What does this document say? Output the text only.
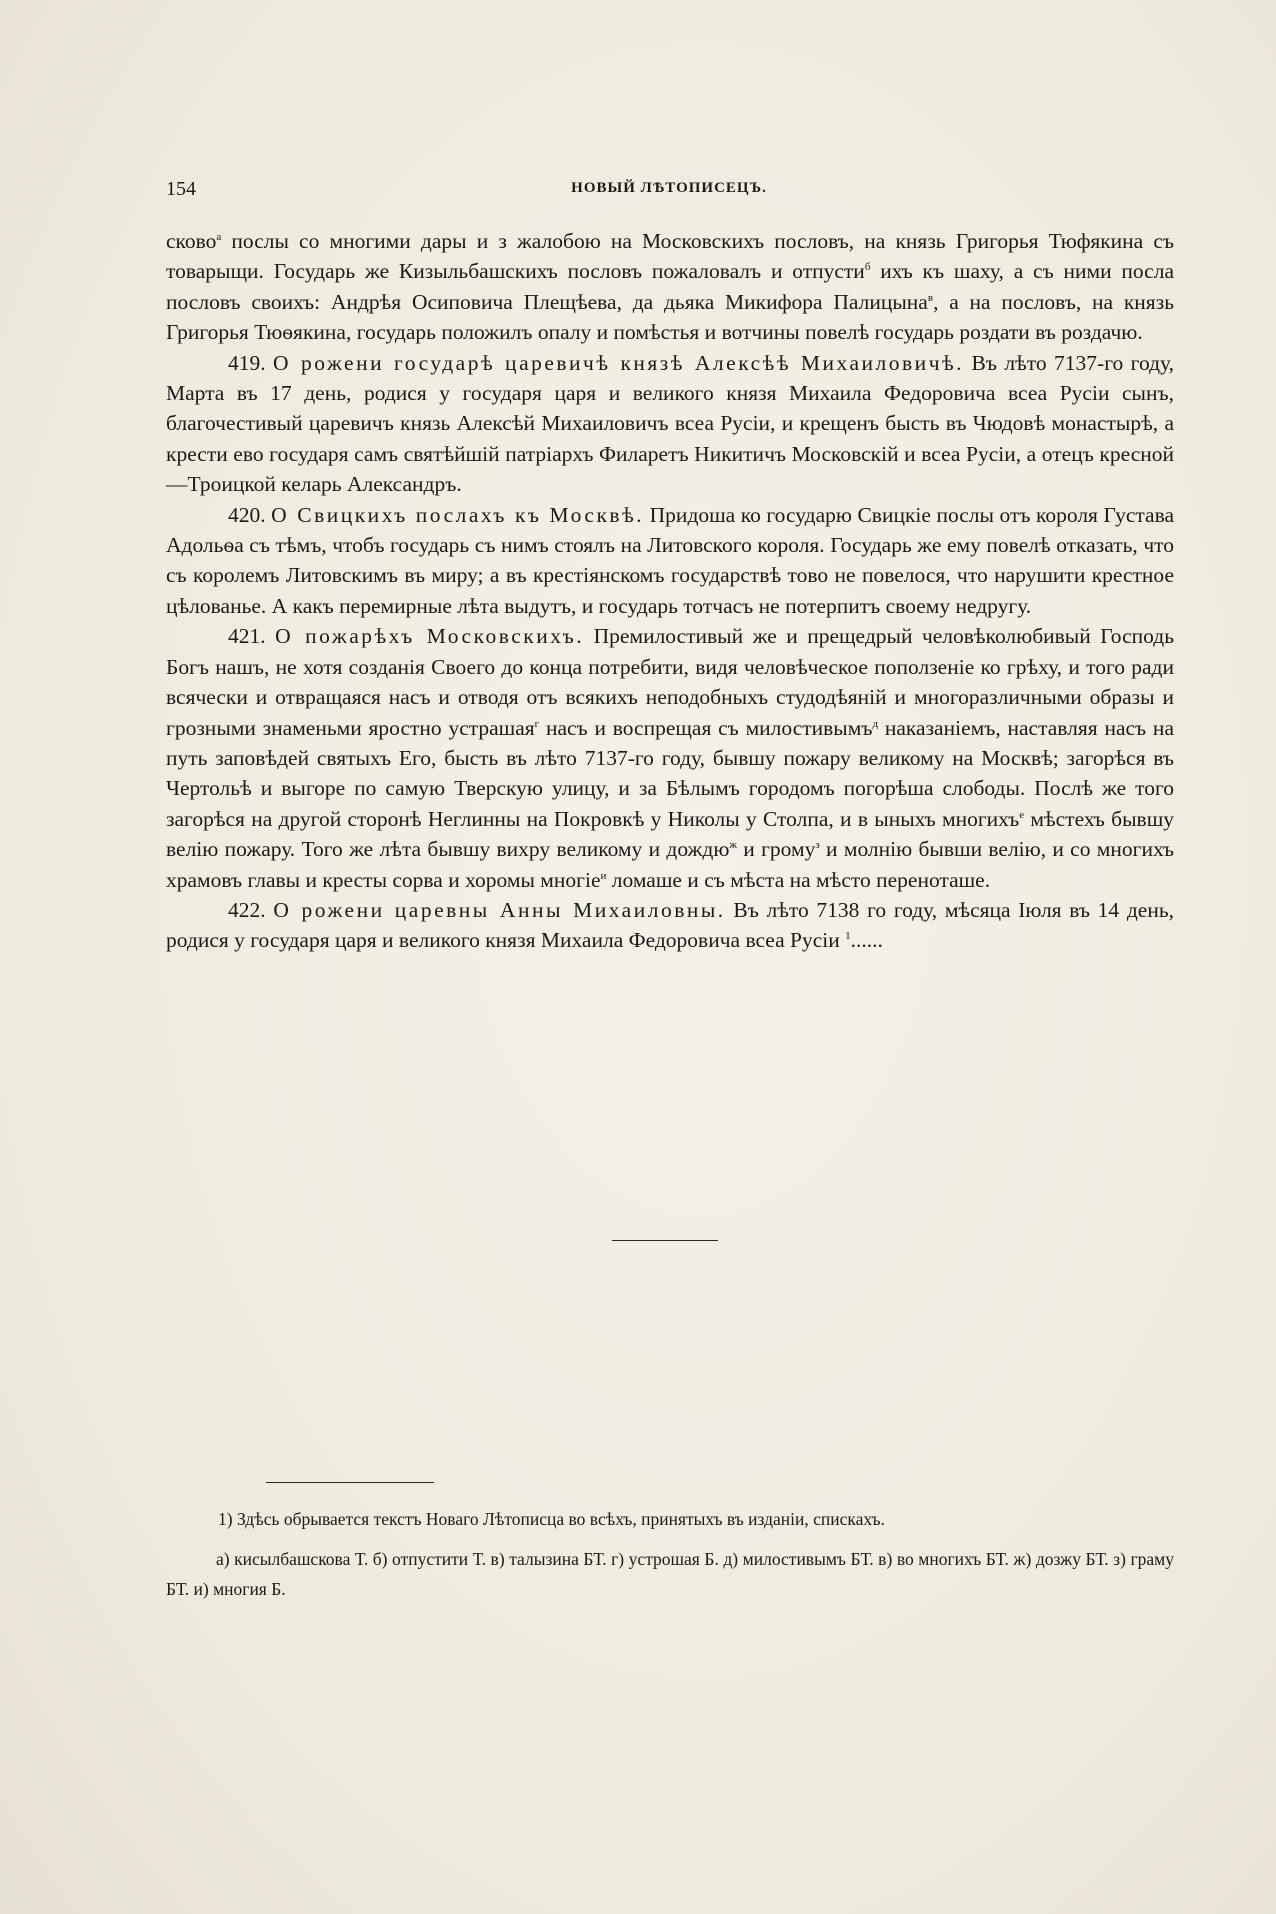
154	НОВЫЙ ЛѢТОПИСЕЦЪ.

сково$^а$ послы со многими дары и з жалобою на Московскихъ пословъ, на князь Григорья Тюфякина съ товарыщи. Государь же Кизыльбашскихъ пословъ пожаловалъ и отпусти$^б$ ихъ къ шаху, а съ ними посла пословъ своихъ: Андрѣя Осиповича Плещѣева, да дьяка Микифора Палицына$^в$, а на пословъ, на князь Григорья Тюѳякина, государь положилъ опалу и помѣстья и вотчины повелѣ государь роздати въ роздачю.

419. О рожени государѣ царевичѣ князѣ Алексѣѣ Михаиловичѣ. Въ лѣто 7137-го году, Марта въ 17 день, родися у государя царя и великого князя Михаила Федоровича всеа Русіи сынъ, благочестивый царевичъ князь Алексѣй Михаиловичъ всеа Русіи, и крещенъ бысть въ Чюдовѣ монастырѣ, а крести ево государя самъ святѣйшій патріархъ Филаретъ Никитичъ Московскій и всеа Русіи, а отецъ кресной—Троицкой келарь Александръ.

420. О Свицкихъ послахъ къ Москвѣ. Придоша ко государю Свицкіе послы отъ короля Густава Адольѳа съ тѣмъ, чтобъ государь съ нимъ стоялъ на Литовского короля. Государь же ему повелѣ отказать, что съ королемъ Литовскимъ въ миру; а въ крестіянскомъ государствѣ тово не повелося, что нарушити крестное цѣлованье. А какъ перемирные лѣта выдутъ, и государь тотчасъ не потерпитъ своему недругу.

421. О пожарѣхъ Московскихъ. Премилостивый же и прещедрый человѣколюбивый Господь Богъ нашъ, не хотя созданія Своего до конца потребити, видя человѣческое поползеніе ко грѣху, и того ради всячески и отвращаяся насъ и отводя отъ всякихъ неподобныхъ студодѣяній и многоразличными образы и грозными знаменьми яростно устрашая$^г$ насъ и воспрещая съ милостивымъ$^д$ наказаніемъ, наставляя насъ на путь заповѣдей святыхъ Его, бысть въ лѣто 7137-го году, бывшу пожару великому на Москвѣ; загорѣся въ Чертольѣ и выгоре по самую Тверскую улицу, и за Бѣлымъ городомъ погорѣша слободы. Послѣ же того загорѣся на другой сторонѣ Неглинны на Покровкѣ у Николы у Столпа, и в ыныхъ многихъ$^е$ мѣстехъ бывшу велію пожару. Того же лѣта бывшу вихру великому и дождю$^ж$ и грому$^з$ и молнію бывши велію, и со многихъ храмовъ главы и кресты сорва и хоромы многіе$^и$ ломаше и съ мѣста на мѣсто переноташе.

422. О рожени царевны Анны Михаиловны. Въ лѣто 7138 го году, мѣсяца Іюля въ 14 день, родися у государя царя и великого князя Михаила Федоровича всеа Русіи $^1$......

1) Здѣсь обрывается текстъ Новаго Лѣтописца во всѣхъ, принятыхъ въ изданіи, спискахъ.
а) кисылбашскова Т. б) отпустити Т. в) талызина БТ. г) устрошая Б. д) милостивымъ БТ. в) во многихъ БТ. ж) дозжу БТ. з) граму БТ. и) многия Б.
